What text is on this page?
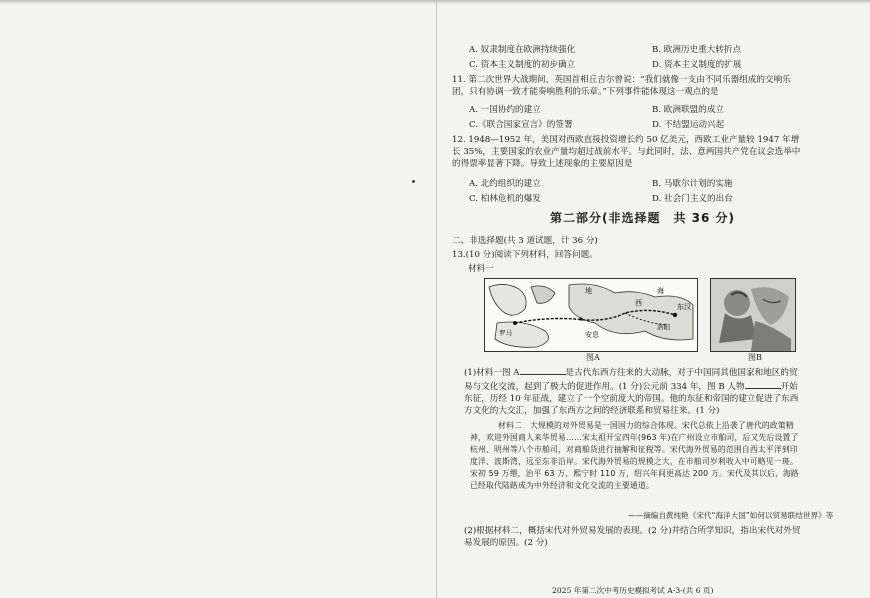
A. 奴隶制度在欧洲持续强化	B. 欧洲历史重大转折点
C. 资本主义制度的初步确立	D. 资本主义制度的扩展
11. 第二次世界大战期间，英国首相丘吉尔曾说：“我们就像一支由不同乐器组成的交响乐团，只有协调一致才能奏响胜利的乐章。”下列事件能体现这一观点的是
A. 一国协约的建立	B. 欧洲联盟的成立
C.《联合国家宣言》的签署	D. 不结盟运动兴起
12. 1948—1952 年，美国对西欧直接投资增长约 50 亿美元，西欧工业产量较 1947 年增长 35%，主要国家的农业产量均超过战前水平。与此同时，法、意两国共产党在议会选举中的得票率显著下降。导致上述现象的主要原因是
A. 北约组织的建立	B. 马歇尔计划的实施
C. 柏林危机的爆发	D. 社会门主义的出台
第二部分(非选择题　共 36 分)
二、非选择题(共 3 道试题，计 36 分)
13.(10 分)阅读下列材料，回答问题。
材料一
地	海
西	东汉
安息
罗马
洛阳
图A	图B
(1)材料一图 A	是古代东西方往来的大动脉，对于中国同其他国家和地区的贸易与文化交流，起到了极大的促进作用。(1 分)公元前 334 年，图 B 人物	开始东征，历经 10 年征战，建立了一个空前庞大的帝国。他的东征和帝国的建立促进了东西方文化的大交汇，加强了东西方之间的经济联系和贸易往来。(1 分)
材料二　大规模的对外贸易是一国国力的综合体现。宋代总依上沿袭了唐代的政策精神，欢迎外国商人来华贸易……宋太祖开宝四年(963 年)在广州设立市舶司，后又先后设置了杭州、明州等八个市舶司，对商舶货进行抽解和征税等。宋代海外贸易的范围自西太平洋到印度洋、波斯湾，远至东非沿岸。宋代海外贸易的规模之大，在市舶司岁利收入中可略见一斑。宋初 59 万缗，治平 63 万，熙宁时 110 万，绍兴年间更高达 200 万。宋代及其以后，海路已经取代陆路成为中外经济和文化交流的主要通道。
——摘编自黄纯艳《宋代“海洋大国”如何以贸易联结世界》等
(2)根据材料二，概括宋代对外贸易发展的表现。(2 分)并结合所学知识，指出宋代对外贸易发展的原因。(2 分)
2025 年第二次中考历史模拟考试 A-3-(共 6 页)
